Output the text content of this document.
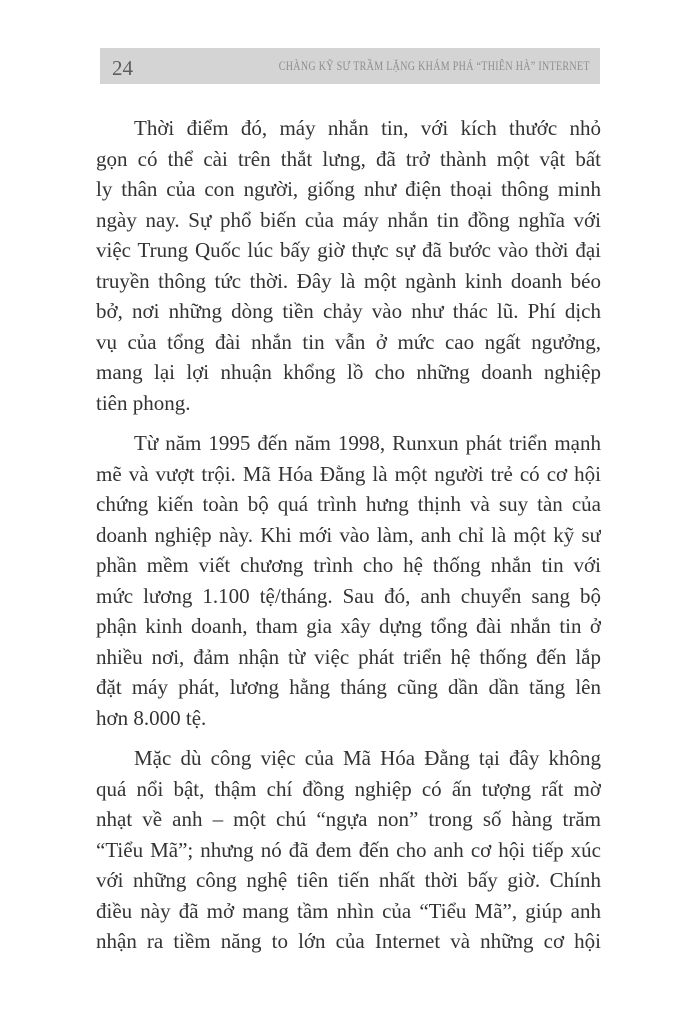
24	CHÀNG KỸ SƯ TRẦM LẶNG KHÁM PHÁ “THIÊN HÀ” INTERNET
Thời điểm đó, máy nhắn tin, với kích thước nhỏ
gọn có thể cài trên thắt lưng, đã trở thành một vật bất
ly thân của con người, giống như điện thoại thông minh
ngày nay. Sự phổ biến của máy nhắn tin đồng nghĩa với
việc Trung Quốc lúc bấy giờ thực sự đã bước vào thời đại
truyền thông tức thời. Đây là một ngành kinh doanh béo
bở, nơi những dòng tiền chảy vào như thác lũ. Phí dịch
vụ của tổng đài nhắn tin vẫn ở mức cao ngất ngưởng,
mang lại lợi nhuận khổng lồ cho những doanh nghiệp
tiên phong.
Từ năm 1995 đến năm 1998, Runxun phát triển mạnh
mẽ và vượt trội. Mã Hóa Đằng là một người trẻ có cơ hội
chứng kiến toàn bộ quá trình hưng thịnh và suy tàn của
doanh nghiệp này. Khi mới vào làm, anh chỉ là một kỹ sư
phần mềm viết chương trình cho hệ thống nhắn tin với
mức lương 1.100 tệ/tháng. Sau đó, anh chuyển sang bộ
phận kinh doanh, tham gia xây dựng tổng đài nhắn tin ở
nhiều nơi, đảm nhận từ việc phát triển hệ thống đến lắp
đặt máy phát, lương hằng tháng cũng dần dần tăng lên
hơn 8.000 tệ.
Mặc dù công việc của Mã Hóa Đằng tại đây không
quá nổi bật, thậm chí đồng nghiệp có ấn tượng rất mờ
nhạt về anh – một chú “ngựa non” trong số hàng trăm
“Tiểu Mã”; nhưng nó đã đem đến cho anh cơ hội tiếp xúc
với những công nghệ tiên tiến nhất thời bấy giờ. Chính
điều này đã mở mang tầm nhìn của “Tiểu Mã”, giúp anh
nhận ra tiềm năng to lớn của Internet và những cơ hội
